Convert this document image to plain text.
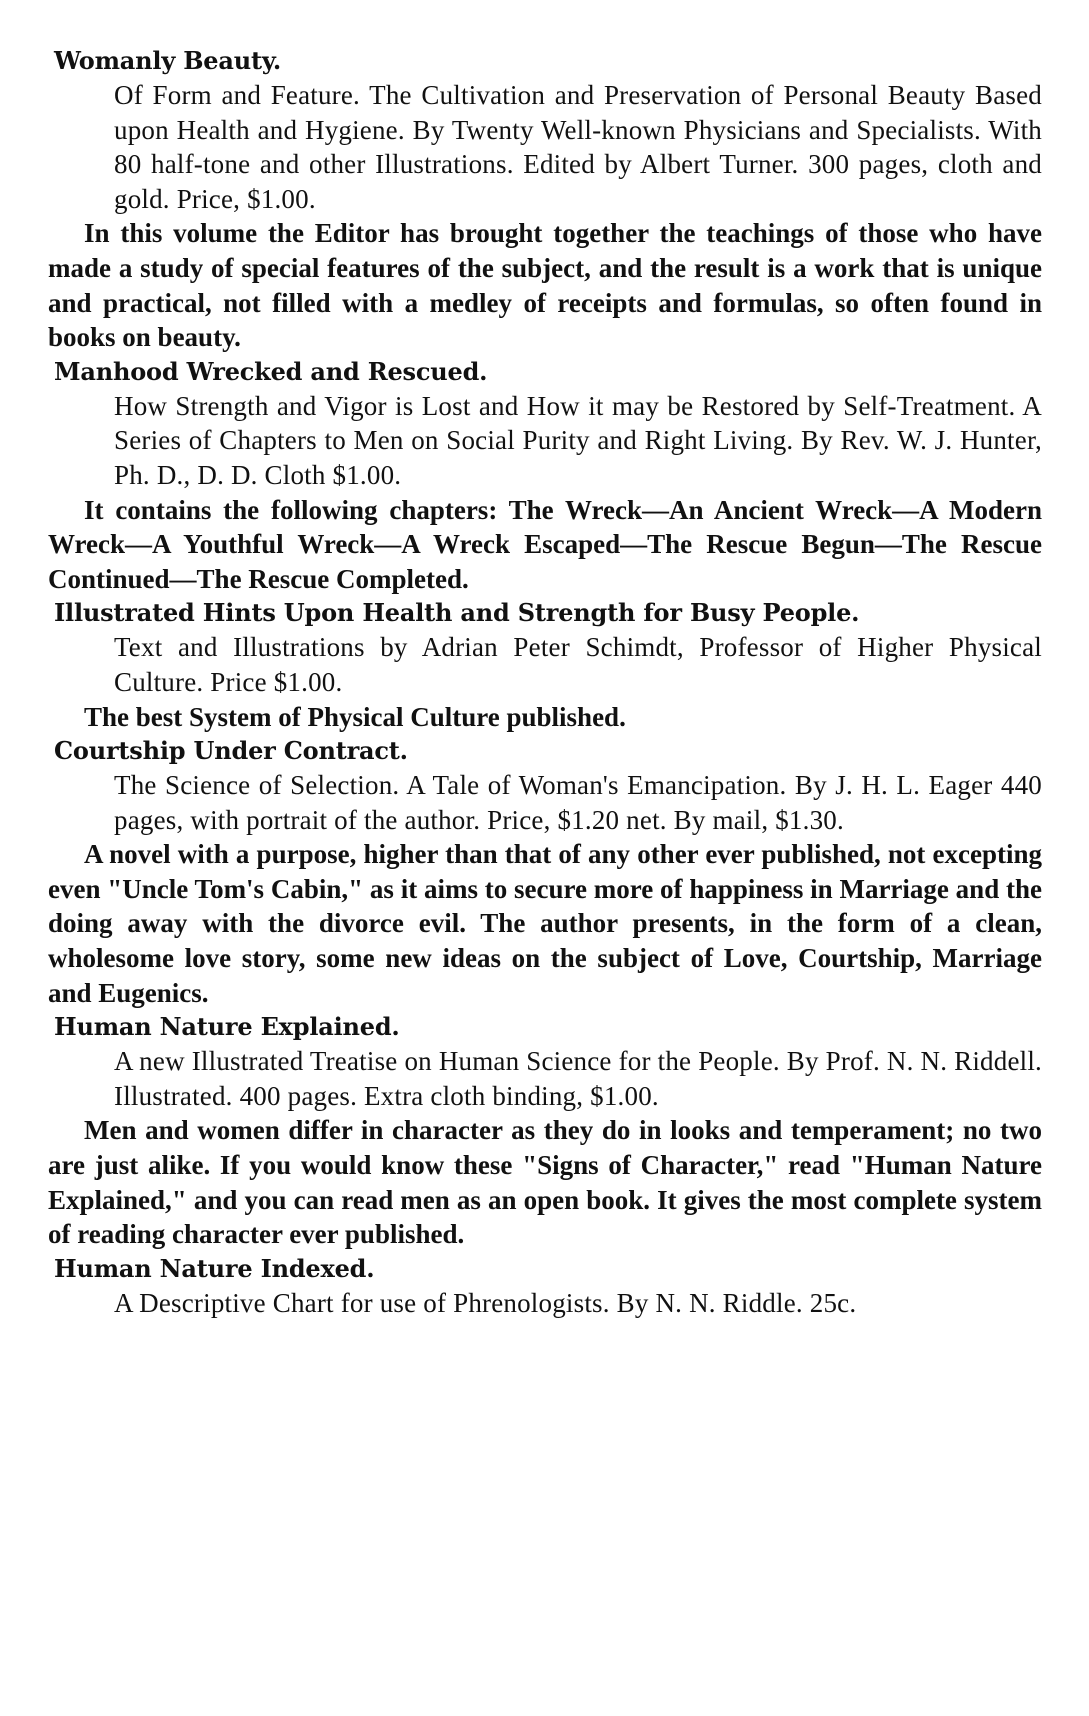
Womanly Beauty.

Of Form and Feature. The Cultivation and Preservation of Personal Beauty Based upon Health and Hygiene. By Twenty Well-known Physicians and Specialists. With 80 half-tone and other Illustrations. Edited by Albert Turner. 300 pages, cloth and gold. Price, $1.00.

In this volume the Editor has brought together the teachings of those who have made a study of special features of the subject, and the result is a work that is unique and practical, not filled with a medley of receipts and formulas, so often found in books on beauty.

Manhood Wrecked and Rescued.

How Strength and Vigor is Lost and How it may be Restored by Self-Treatment. A Series of Chapters to Men on Social Purity and Right Living. By Rev. W. J. Hunter, Ph. D., D. D. Cloth $1.00.

It contains the following chapters: The Wreck—An Ancient Wreck—A Modern Wreck—A Youthful Wreck—A Wreck Escaped—The Rescue Begun—The Rescue Continued—The Rescue Completed.

Illustrated Hints Upon Health and Strength for Busy People.

Text and Illustrations by Adrian Peter Schimdt, Professor of Higher Physical Culture. Price $1.00.

The best System of Physical Culture published.

Courtship Under Contract.

The Science of Selection. A Tale of Woman's Emancipation. By J. H. L. Eager 440 pages, with portrait of the author. Price, $1.20 net. By mail, $1.30.

A novel with a purpose, higher than that of any other ever published, not excepting even "Uncle Tom's Cabin," as it aims to secure more of happiness in Marriage and the doing away with the divorce evil. The author presents, in the form of a clean, wholesome love story, some new ideas on the subject of Love, Courtship, Marriage and Eugenics.

Human Nature Explained.

A new Illustrated Treatise on Human Science for the People. By Prof. N. N. Riddell. Illustrated. 400 pages. Extra cloth binding, $1.00.

Men and women differ in character as they do in looks and temperament; no two are just alike. If you would know these "Signs of Character," read "Human Nature Explained," and you can read men as an open book. It gives the most complete system of reading character ever published.

Human Nature Indexed.

A Descriptive Chart for use of Phrenologists. By N. N. Riddle. 25c.
